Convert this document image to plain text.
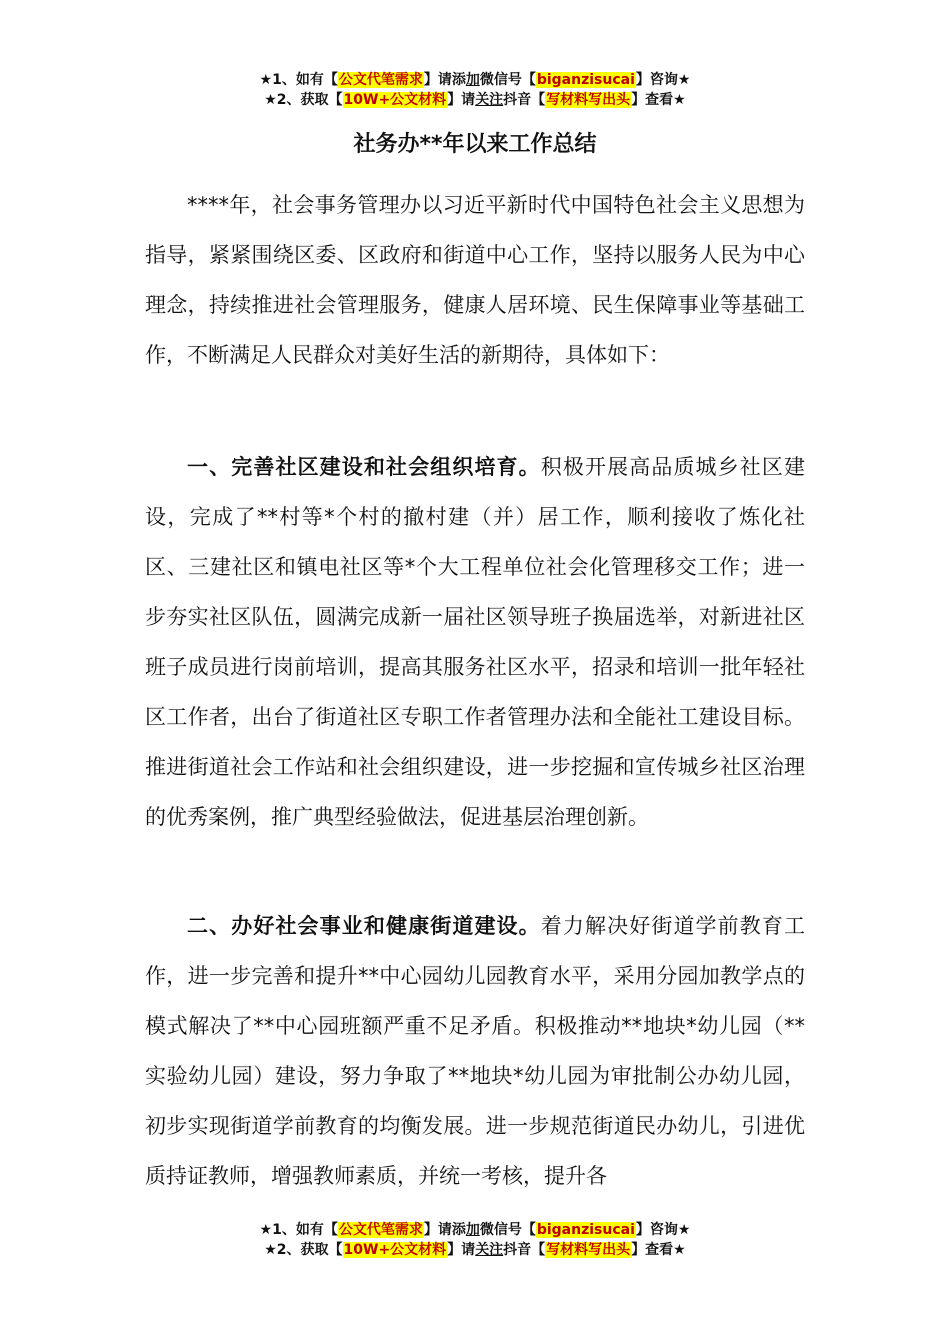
★1、如有【公文代笔需求】请添加微信号【biganzisucai】咨询★
★2、获取【10W+公文材料】请关注抖音【写材料写出头】查看★
社务办**年以来工作总结

****年，社会事务管理办以习近平新时代中国特色社会主义思想为指导，紧紧围绕区委、区政府和街道中心工作，坚持以服务人民为中心理念，持续推进社会管理服务，健康人居环境、民生保障事业等基础工作，不断满足人民群众对美好生活的新期待，具体如下：

一、完善社区建设和社会组织培育。积极开展高品质城乡社区建设，完成了**村等*个村的撤村建（并）居工作，顺利接收了炼化社区、三建社区和镇电社区等*个大工程单位社会化管理移交工作；进一步夯实社区队伍，圆满完成新一届社区领导班子换届选举，对新进社区班子成员进行岗前培训，提高其服务社区水平，招录和培训一批年轻社区工作者，出台了街道社区专职工作者管理办法和全能社工建设目标。推进街道社会工作站和社会组织建设，进一步挖掘和宣传城乡社区治理的优秀案例，推广典型经验做法，促进基层治理创新。

二、办好社会事业和健康街道建设。着力解决好街道学前教育工作，进一步完善和提升**中心园幼儿园教育水平，采用分园加教学点的模式解决了**中心园班额严重不足矛盾。积极推动**地块*幼儿园（**实验幼儿园）建设，努力争取了**地块*幼儿园为审批制公办幼儿园，初步实现街道学前教育的均衡发展。进一步规范街道民办幼儿，引进优质持证教师，增强教师素质，并统一考核，提升各

★1、如有【公文代笔需求】请添加微信号【biganzisucai】咨询★
★2、获取【10W+公文材料】请关注抖音【写材料写出头】查看★
